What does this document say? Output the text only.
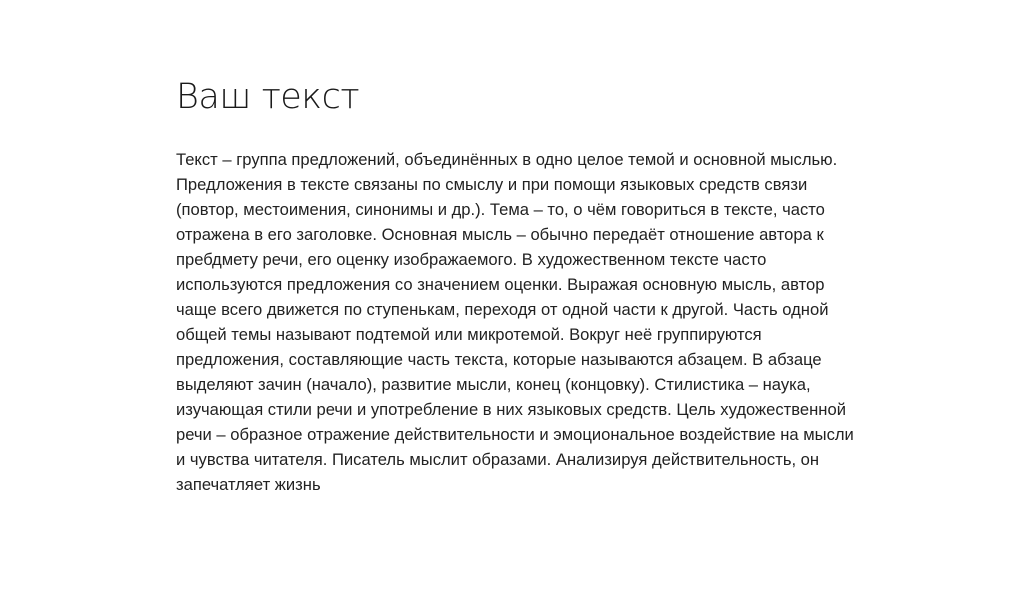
Ваш текст

Текст – группа предложений, объединённых в одно целое темой и основной мыслью. Предложения в тексте связаны по смыслу и при помощи языковых средств связи (повтор, местоимения, синонимы и др.). Тема – то, о чём говориться в тексте, часто отражена в его заголовке. Основная мысль – обычно передаёт отношение автора к пребдмету речи, его оценку изображаемого. В художественном тексте часто используются предложения со значением оценки. Выражая основную мысль, автор чаще всего движется по ступенькам, переходя от одной части к другой. Часть одной общей темы называют подтемой или микротемой. Вокруг неё группируются предложения, составляющие часть текста, которые называются абзацем. В абзаце выделяют зачин (начало), развитие мысли, конец (концовку). Стилистика – наука, изучающая стили речи и употребление в них языковых средств. Цель художественной речи – образное отражение действительности и эмоциональное воздействие на мысли и чувства читателя. Писатель мыслит образами. Анализируя действительность, он запечатляет жизнь
